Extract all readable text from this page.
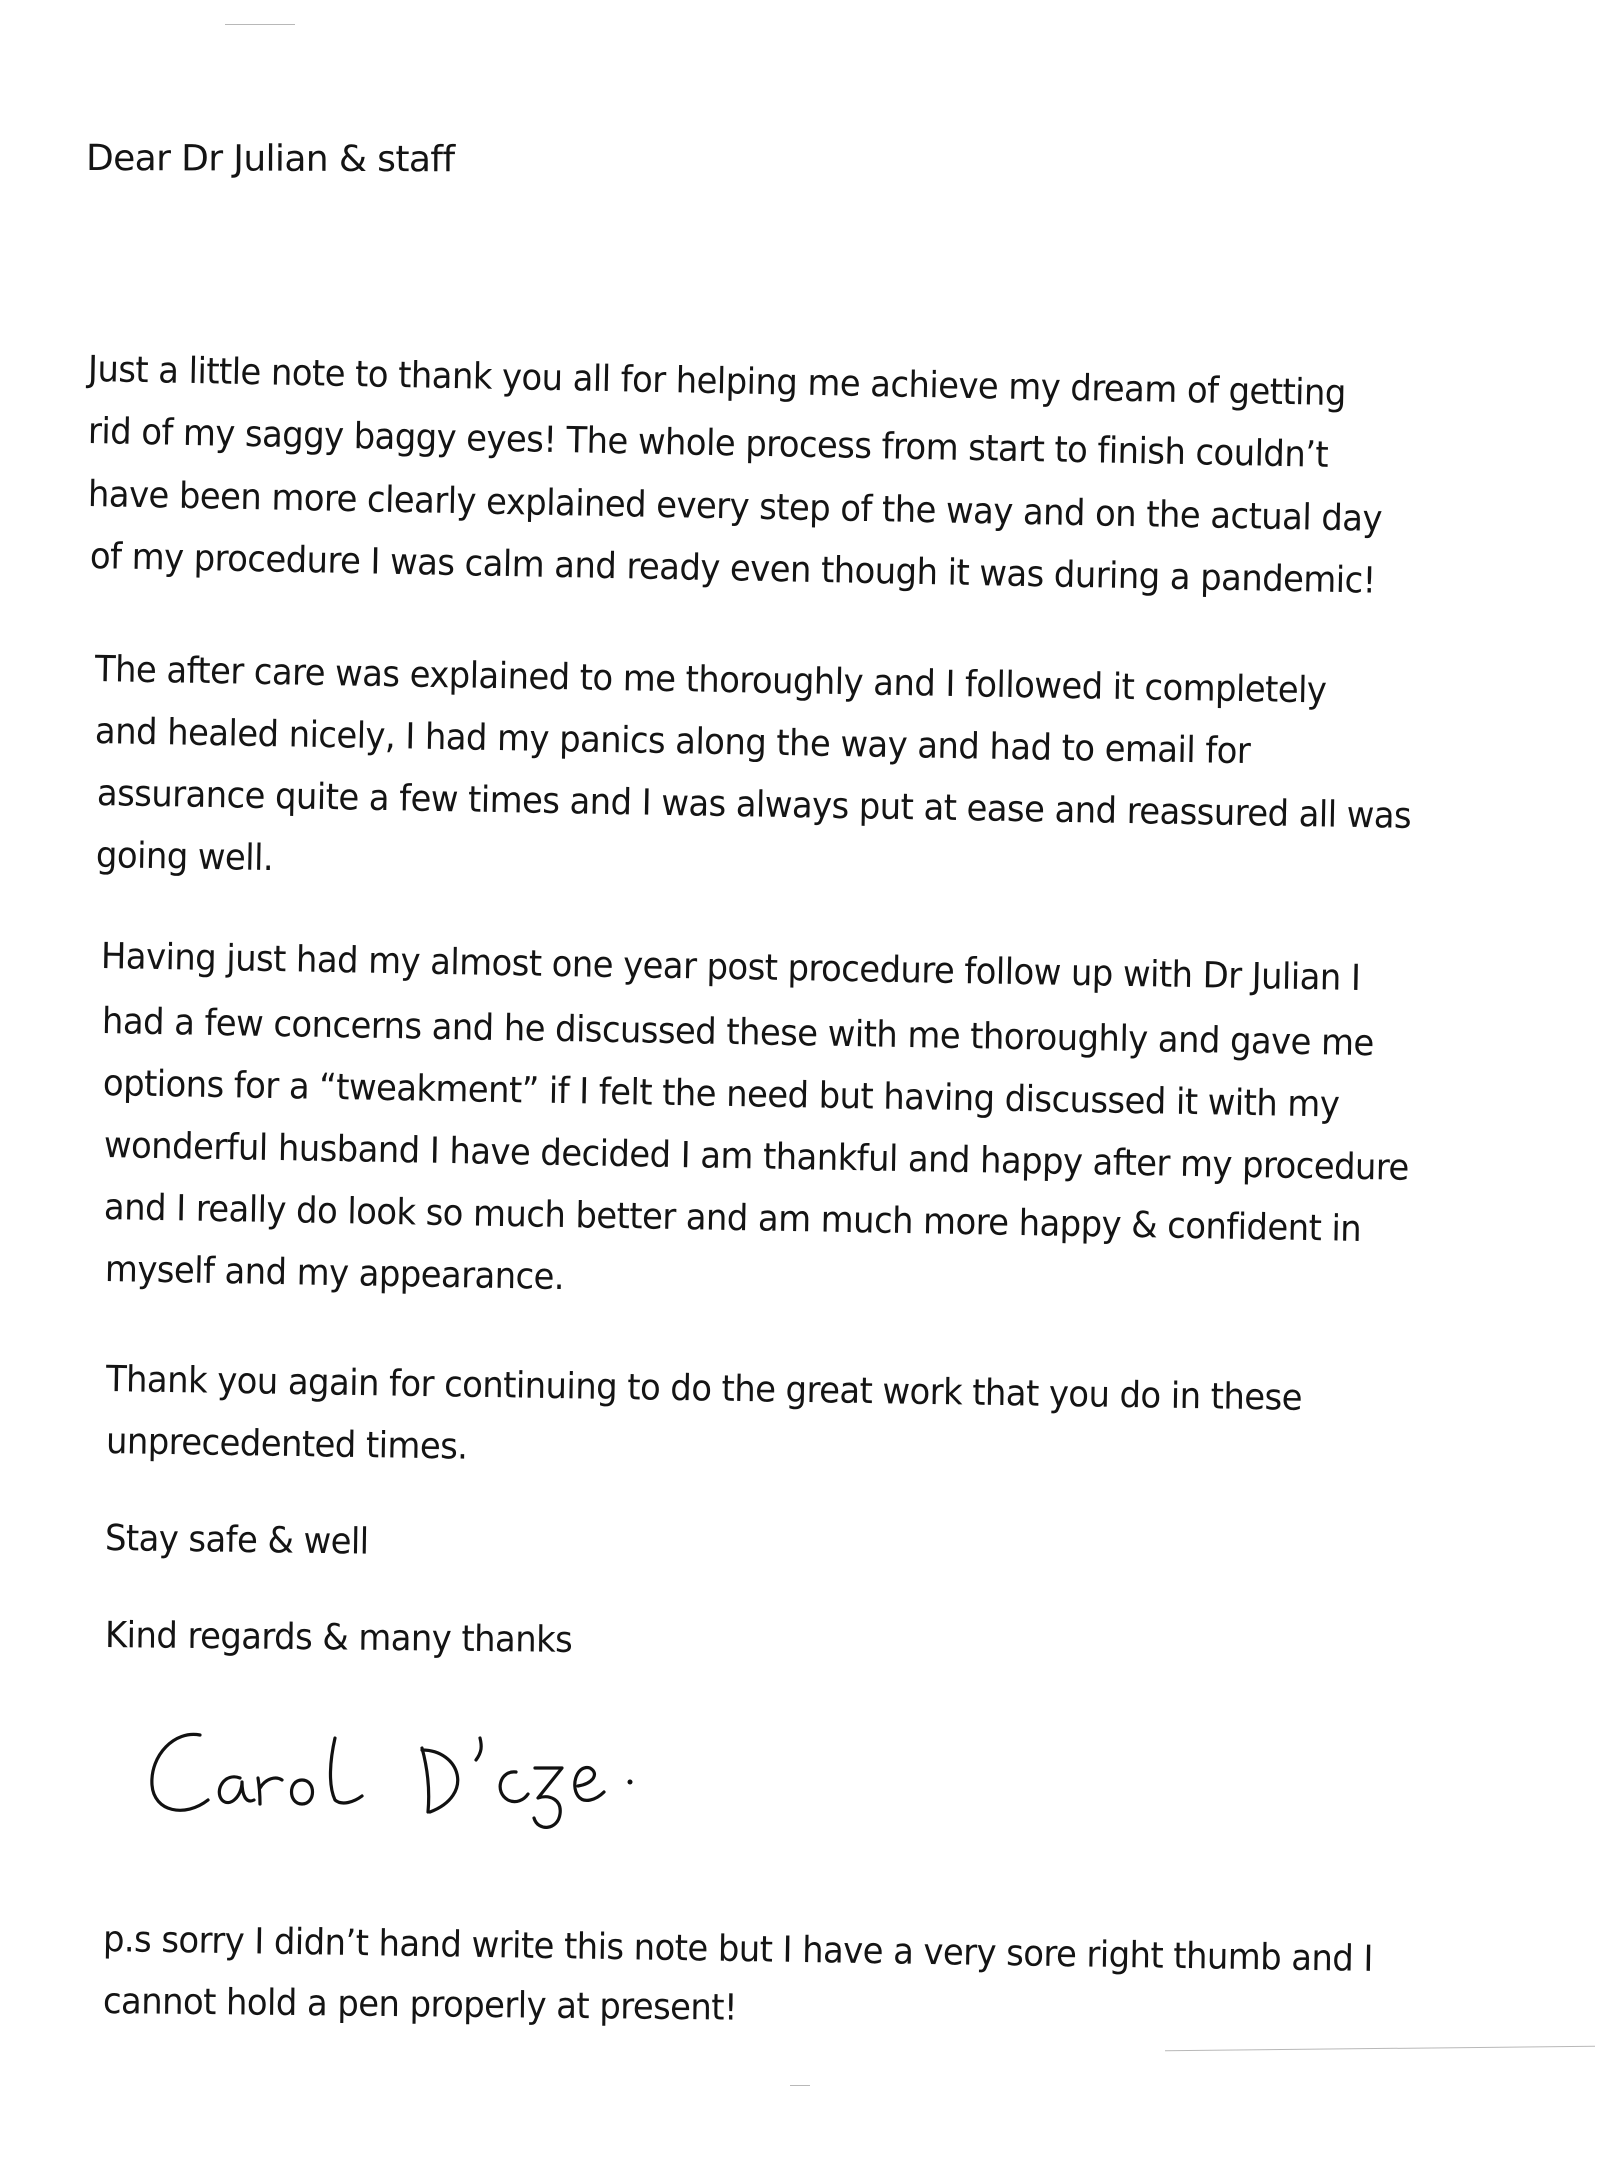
Dear Dr Julian & staff
Just a little note to thank you all for helping me achieve my dream of getting
rid of my saggy baggy eyes! The whole process from start to finish couldn’t
have been more clearly explained every step of the way and on the actual day
of my procedure I was calm and ready even though it was during a pandemic!
The after care was explained to me thoroughly and I followed it completely
and healed nicely, I had my panics along the way and had to email for
assurance quite a few times and I was always put at ease and reassured all was
going well.
Having just had my almost one year post procedure follow up with Dr Julian I
had a few concerns and he discussed these with me thoroughly and gave me
options for a “tweakment” if I felt the need but having discussed it with my
wonderful husband I have decided I am thankful and happy after my procedure
and I really do look so much better and am much more happy & confident in
myself and my appearance.
Thank you again for continuing to do the great work that you do in these
unprecedented times.
Stay safe & well
Kind regards & many thanks
p.s sorry I didn’t hand write this note but I have a very sore right thumb and I
cannot hold a pen properly at present!
